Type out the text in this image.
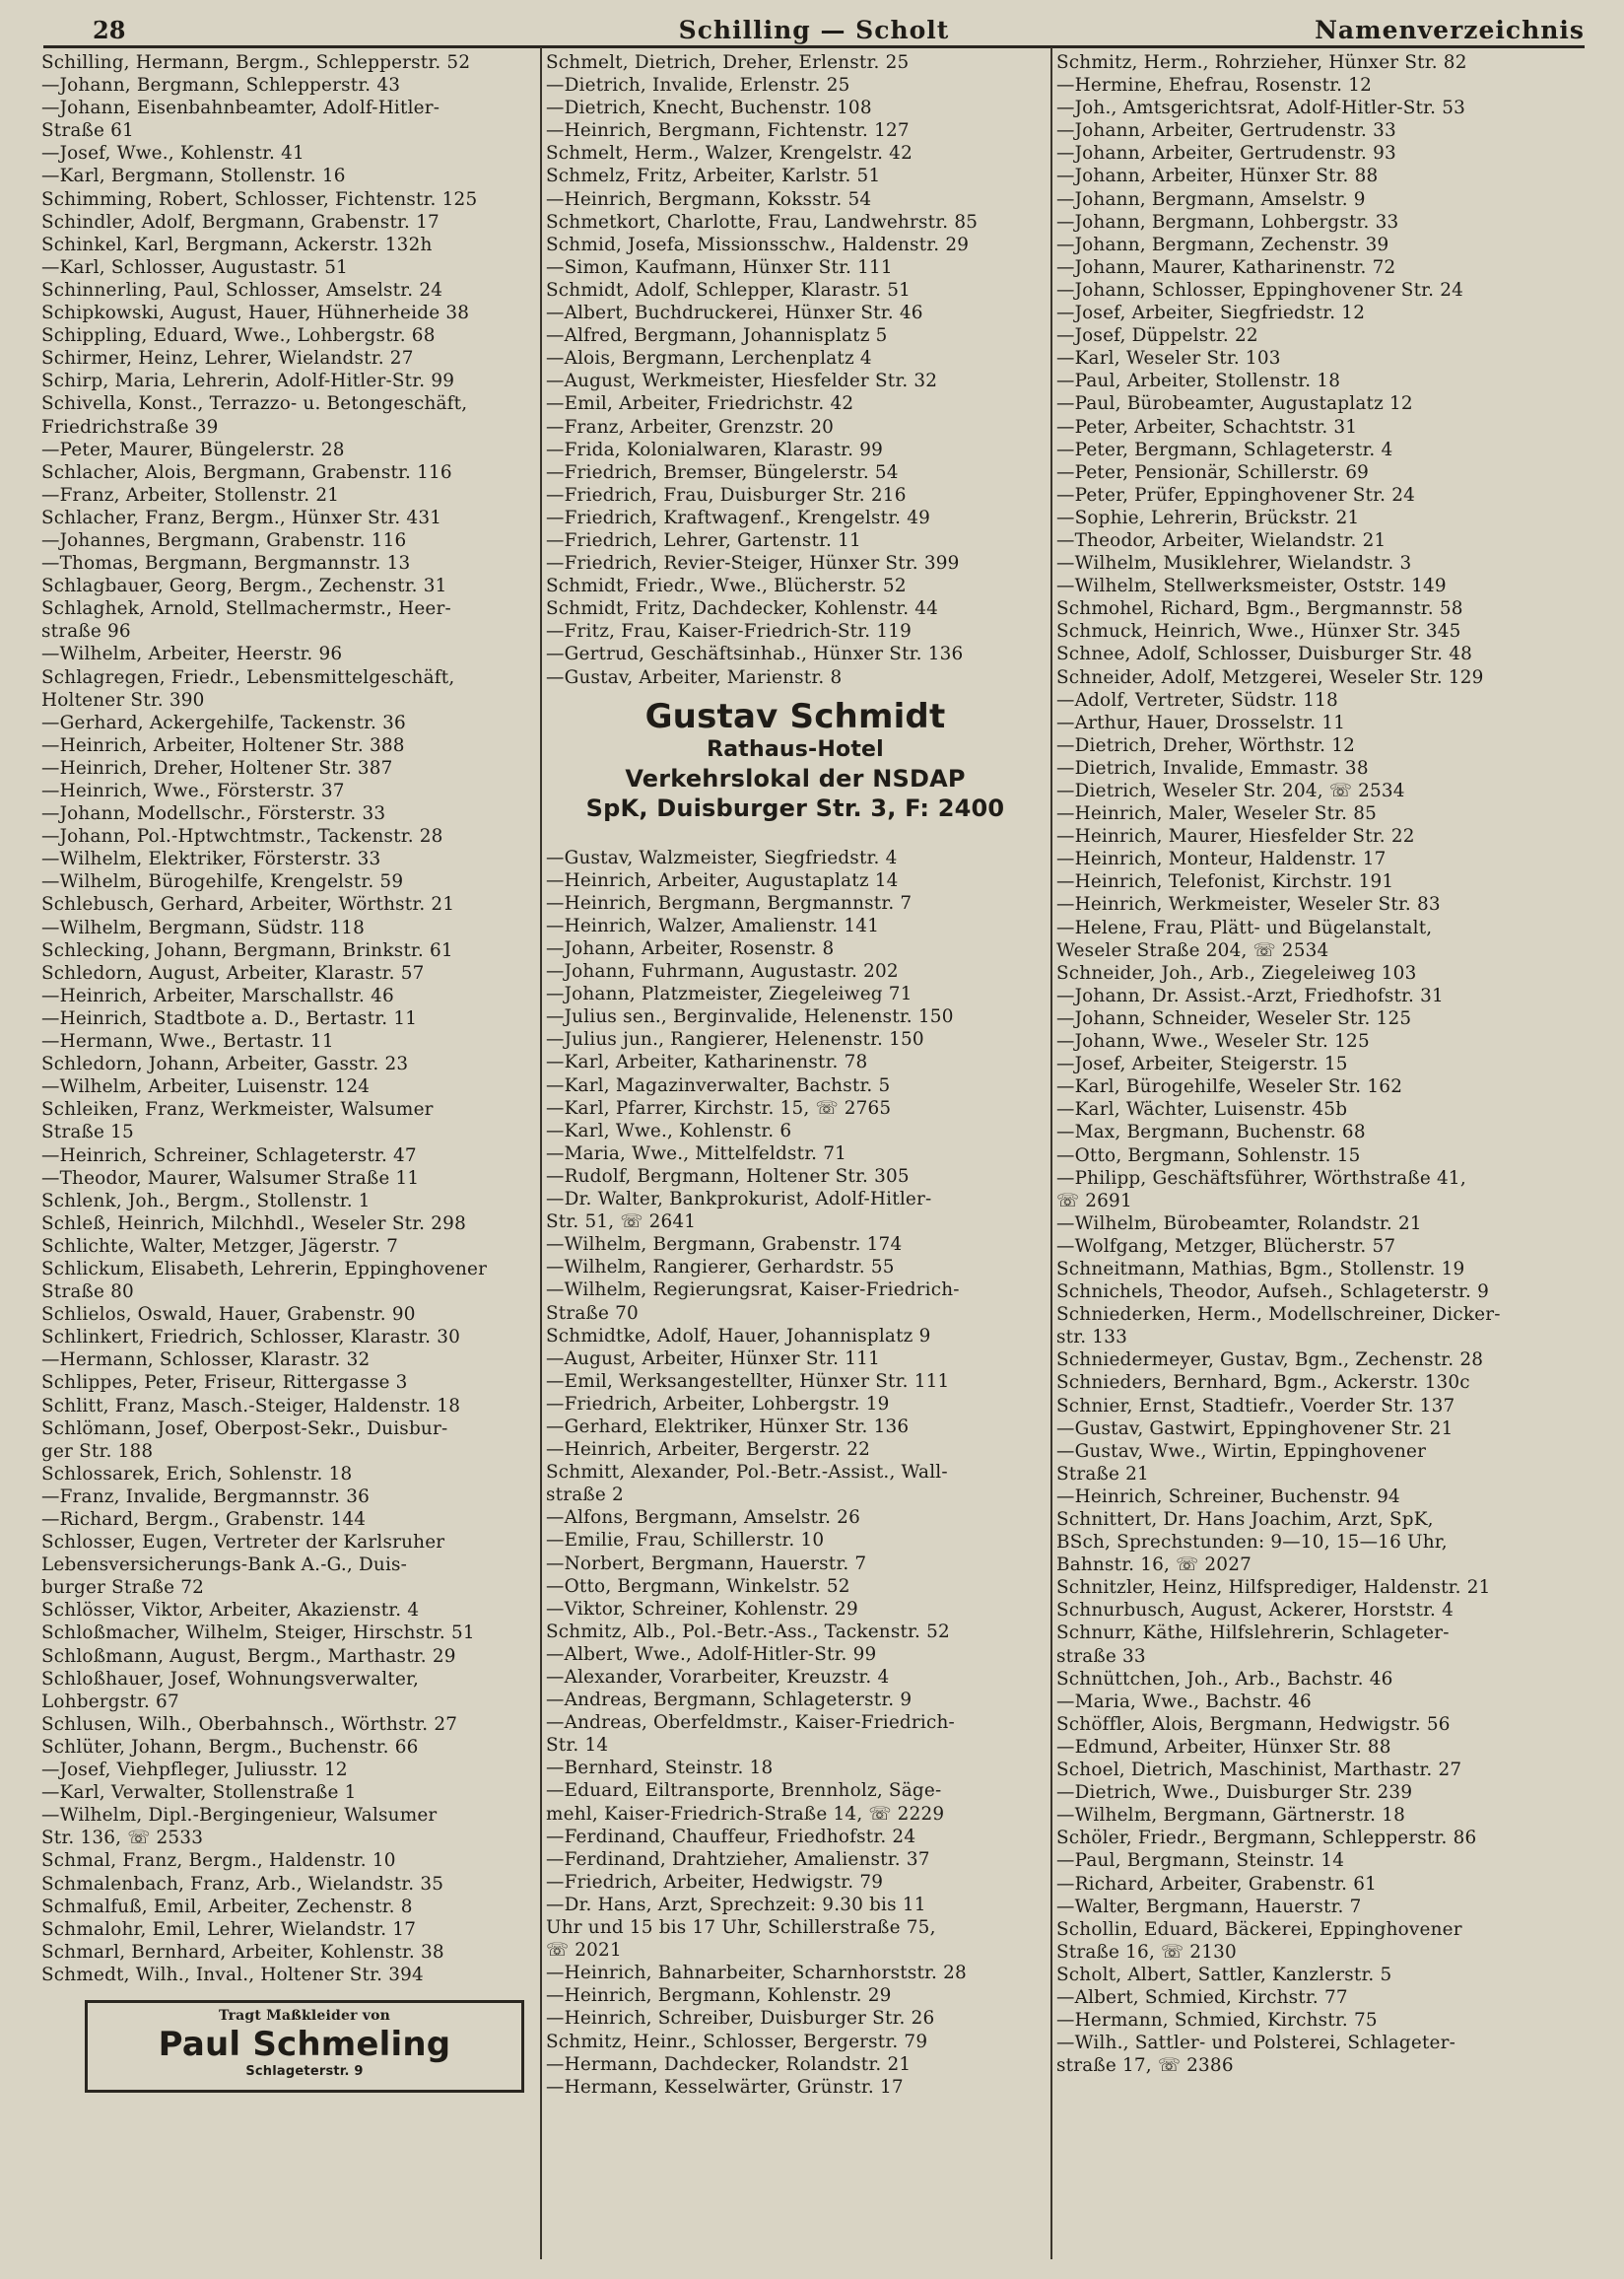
28	Schilling — Scholt	Namenverzeichnis
Schilling, Hermann, Bergm., Schlepperstr. 52
—Johann, Bergmann, Schlepperstr. 43
—Johann, Eisenbahnbeamter, Adolf-Hitler-
Straße 61
—Josef, Wwe., Kohlenstr. 41
—Karl, Bergmann, Stollenstr. 16
Schimming, Robert, Schlosser, Fichtenstr. 125
Schindler, Adolf, Bergmann, Grabenstr. 17
Schinkel, Karl, Bergmann, Ackerstr. 132h
—Karl, Schlosser, Augustastr. 51
Schinnerling, Paul, Schlosser, Amselstr. 24
Schipkowski, August, Hauer, Hühnerheide 38
Schippling, Eduard, Wwe., Lohbergstr. 68
Schirmer, Heinz, Lehrer, Wielandstr. 27
Schirp, Maria, Lehrerin, Adolf-Hitler-Str. 99
Schivella, Konst., Terrazzo- u. Betongeschäft,
Friedrichstraße 39
—Peter, Maurer, Büngelerstr. 28
Schlacher, Alois, Bergmann, Grabenstr. 116
—Franz, Arbeiter, Stollenstr. 21
Schlacher, Franz, Bergm., Hünxer Str. 431
—Johannes, Bergmann, Grabenstr. 116
—Thomas, Bergmann, Bergmannstr. 13
Schlagbauer, Georg, Bergm., Zechenstr. 31
Schlaghek, Arnold, Stellmachermstr., Heer-
straße 96
—Wilhelm, Arbeiter, Heerstr. 96
Schlagregen, Friedr., Lebensmittelgeschäft,
Holtener Str. 390
—Gerhard, Ackergehilfe, Tackenstr. 36
—Heinrich, Arbeiter, Holtener Str. 388
—Heinrich, Dreher, Holtener Str. 387
—Heinrich, Wwe., Försterstr. 37
—Johann, Modellschr., Försterstr. 33
—Johann, Pol.-Hptwchtmstr., Tackenstr. 28
—Wilhelm, Elektriker, Försterstr. 33
—Wilhelm, Bürogehilfe, Krengelstr. 59
Schlebusch, Gerhard, Arbeiter, Wörthstr. 21
—Wilhelm, Bergmann, Südstr. 118
Schlecking, Johann, Bergmann, Brinkstr. 61
Schledorn, August, Arbeiter, Klarastr. 57
—Heinrich, Arbeiter, Marschallstr. 46
—Heinrich, Stadtbote a. D., Bertastr. 11
—Hermann, Wwe., Bertastr. 11
Schledorn, Johann, Arbeiter, Gasstr. 23
—Wilhelm, Arbeiter, Luisenstr. 124
Schleiken, Franz, Werkmeister, Walsumer
Straße 15
—Heinrich, Schreiner, Schlageterstr. 47
—Theodor, Maurer, Walsumer Straße 11
Schlenk, Joh., Bergm., Stollenstr. 1
Schleß, Heinrich, Milchhdl., Weseler Str. 298
Schlichte, Walter, Metzger, Jägerstr. 7
Schlickum, Elisabeth, Lehrerin, Eppinghovener
Straße 80
Schlielos, Oswald, Hauer, Grabenstr. 90
Schlinkert, Friedrich, Schlosser, Klarastr. 30
—Hermann, Schlosser, Klarastr. 32
Schlippes, Peter, Friseur, Rittergasse 3
Schlitt, Franz, Masch.-Steiger, Haldenstr. 18
Schlömann, Josef, Oberpost-Sekr., Duisbur-
ger Str. 188
Schlossarek, Erich, Sohlenstr. 18
—Franz, Invalide, Bergmannstr. 36
—Richard, Bergm., Grabenstr. 144
Schlosser, Eugen, Vertreter der Karlsruher
Lebensversicherungs-Bank A.-G., Duis-
burger Straße 72
Schlösser, Viktor, Arbeiter, Akazienstr. 4
Schloßmacher, Wilhelm, Steiger, Hirschstr. 51
Schloßmann, August, Bergm., Marthastr. 29
Schloßhauer, Josef, Wohnungsverwalter,
Lohbergstr. 67
Schlusen, Wilh., Oberbahnsch., Wörthstr. 27
Schlüter, Johann, Bergm., Buchenstr. 66
—Josef, Viehpfleger, Juliusstr. 12
—Karl, Verwalter, Stollenstraße 1
—Wilhelm, Dipl.-Bergingenieur, Walsumer
Str. 136, ☏ 2533
Schmal, Franz, Bergm., Haldenstr. 10
Schmalenbach, Franz, Arb., Wielandstr. 35
Schmalfuß, Emil, Arbeiter, Zechenstr. 8
Schmalohr, Emil, Lehrer, Wielandstr. 17
Schmarl, Bernhard, Arbeiter, Kohlenstr. 38
Schmedt, Wilh., Inval., Holtener Str. 394
Tragt Maßkleider von
Paul Schmeling
Schlageterstr. 9
Schmelt, Dietrich, Dreher, Erlenstr. 25
—Dietrich, Invalide, Erlenstr. 25
—Dietrich, Knecht, Buchenstr. 108
—Heinrich, Bergmann, Fichtenstr. 127
Schmelt, Herm., Walzer, Krengelstr. 42
Schmelz, Fritz, Arbeiter, Karlstr. 51
—Heinrich, Bergmann, Koksstr. 54
Schmetkort, Charlotte, Frau, Landwehrstr. 85
Schmid, Josefa, Missionsschw., Haldenstr. 29
—Simon, Kaufmann, Hünxer Str. 111
Schmidt, Adolf, Schlepper, Klarastr. 51
—Albert, Buchdruckerei, Hünxer Str. 46
—Alfred, Bergmann, Johannisplatz 5
—Alois, Bergmann, Lerchenplatz 4
—August, Werkmeister, Hiesfelder Str. 32
—Emil, Arbeiter, Friedrichstr. 42
—Franz, Arbeiter, Grenzstr. 20
—Frida, Kolonialwaren, Klarastr. 99
—Friedrich, Bremser, Büngelerstr. 54
—Friedrich, Frau, Duisburger Str. 216
—Friedrich, Kraftwagenf., Krengelstr. 49
—Friedrich, Lehrer, Gartenstr. 11
—Friedrich, Revier-Steiger, Hünxer Str. 399
Schmidt, Friedr., Wwe., Blücherstr. 52
Schmidt, Fritz, Dachdecker, Kohlenstr. 44
—Fritz, Frau, Kaiser-Friedrich-Str. 119
—Gertrud, Geschäftsinhab., Hünxer Str. 136
—Gustav, Arbeiter, Marienstr. 8
Gustav Schmidt
Rathaus-Hotel
Verkehrslokal der NSDAP
SpK, Duisburger Str. 3, F: 2400
—Gustav, Walzmeister, Siegfriedstr. 4
—Heinrich, Arbeiter, Augustaplatz 14
—Heinrich, Bergmann, Bergmannstr. 7
—Heinrich, Walzer, Amalienstr. 141
—Johann, Arbeiter, Rosenstr. 8
—Johann, Fuhrmann, Augustastr. 202
—Johann, Platzmeister, Ziegeleiweg 71
—Julius sen., Berginvalide, Helenenstr. 150
—Julius jun., Rangierer, Helenenstr. 150
—Karl, Arbeiter, Katharinenstr. 78
—Karl, Magazinverwalter, Bachstr. 5
—Karl, Pfarrer, Kirchstr. 15, ☏ 2765
—Karl, Wwe., Kohlenstr. 6
—Maria, Wwe., Mittelfeldstr. 71
—Rudolf, Bergmann, Holtener Str. 305
—Dr. Walter, Bankprokurist, Adolf-Hitler-
Str. 51, ☏ 2641
—Wilhelm, Bergmann, Grabenstr. 174
—Wilhelm, Rangierer, Gerhardstr. 55
—Wilhelm, Regierungsrat, Kaiser-Friedrich-
Straße 70
Schmidtke, Adolf, Hauer, Johannisplatz 9
—August, Arbeiter, Hünxer Str. 111
—Emil, Werksangestellter, Hünxer Str. 111
—Friedrich, Arbeiter, Lohbergstr. 19
—Gerhard, Elektriker, Hünxer Str. 136
—Heinrich, Arbeiter, Bergerstr. 22
Schmitt, Alexander, Pol.-Betr.-Assist., Wall-
straße 2
—Alfons, Bergmann, Amselstr. 26
—Emilie, Frau, Schillerstr. 10
—Norbert, Bergmann, Hauerstr. 7
—Otto, Bergmann, Winkelstr. 52
—Viktor, Schreiner, Kohlenstr. 29
Schmitz, Alb., Pol.-Betr.-Ass., Tackenstr. 52
—Albert, Wwe., Adolf-Hitler-Str. 99
—Alexander, Vorarbeiter, Kreuzstr. 4
—Andreas, Bergmann, Schlageterstr. 9
—Andreas, Oberfeldmstr., Kaiser-Friedrich-
Str. 14
—Bernhard, Steinstr. 18
—Eduard, Eiltransporte, Brennholz, Säge-
mehl, Kaiser-Friedrich-Straße 14, ☏ 2229
—Ferdinand, Chauffeur, Friedhofstr. 24
—Ferdinand, Drahtzieher, Amalienstr. 37
—Friedrich, Arbeiter, Hedwigstr. 79
—Dr. Hans, Arzt, Sprechzeit: 9.30 bis 11
Uhr und 15 bis 17 Uhr, Schillerstraße 75,
☏ 2021
—Heinrich, Bahnarbeiter, Scharnhorststr. 28
—Heinrich, Bergmann, Kohlenstr. 29
—Heinrich, Schreiber, Duisburger Str. 26
Schmitz, Heinr., Schlosser, Bergerstr. 79
—Hermann, Dachdecker, Rolandstr. 21
—Hermann, Kesselwärter, Grünstr. 17
Schmitz, Herm., Rohrzieher, Hünxer Str. 82
—Hermine, Ehefrau, Rosenstr. 12
—Joh., Amtsgerichtsrat, Adolf-Hitler-Str. 53
—Johann, Arbeiter, Gertrudenstr. 33
—Johann, Arbeiter, Gertrudenstr. 93
—Johann, Arbeiter, Hünxer Str. 88
—Johann, Bergmann, Amselstr. 9
—Johann, Bergmann, Lohbergstr. 33
—Johann, Bergmann, Zechenstr. 39
—Johann, Maurer, Katharinenstr. 72
—Johann, Schlosser, Eppinghovener Str. 24
—Josef, Arbeiter, Siegfriedstr. 12
—Josef, Düppelstr. 22
—Karl, Weseler Str. 103
—Paul, Arbeiter, Stollenstr. 18
—Paul, Bürobeamter, Augustaplatz 12
—Peter, Arbeiter, Schachtstr. 31
—Peter, Bergmann, Schlageterstr. 4
—Peter, Pensionär, Schillerstr. 69
—Peter, Prüfer, Eppinghovener Str. 24
—Sophie, Lehrerin, Brückstr. 21
—Theodor, Arbeiter, Wielandstr. 21
—Wilhelm, Musiklehrer, Wielandstr. 3
—Wilhelm, Stellwerksmeister, Oststr. 149
Schmohel, Richard, Bgm., Bergmannstr. 58
Schmuck, Heinrich, Wwe., Hünxer Str. 345
Schnee, Adolf, Schlosser, Duisburger Str. 48
Schneider, Adolf, Metzgerei, Weseler Str. 129
—Adolf, Vertreter, Südstr. 118
—Arthur, Hauer, Drosselstr. 11
—Dietrich, Dreher, Wörthstr. 12
—Dietrich, Invalide, Emmastr. 38
—Dietrich, Weseler Str. 204, ☏ 2534
—Heinrich, Maler, Weseler Str. 85
—Heinrich, Maurer, Hiesfelder Str. 22
—Heinrich, Monteur, Haldenstr. 17
—Heinrich, Telefonist, Kirchstr. 191
—Heinrich, Werkmeister, Weseler Str. 83
—Helene, Frau, Plätt- und Bügelanstalt,
Weseler Straße 204, ☏ 2534
Schneider, Joh., Arb., Ziegeleiweg 103
—Johann, Dr. Assist.-Arzt, Friedhofstr. 31
—Johann, Schneider, Weseler Str. 125
—Johann, Wwe., Weseler Str. 125
—Josef, Arbeiter, Steigerstr. 15
—Karl, Bürogehilfe, Weseler Str. 162
—Karl, Wächter, Luisenstr. 45b
—Max, Bergmann, Buchenstr. 68
—Otto, Bergmann, Sohlenstr. 15
—Philipp, Geschäftsführer, Wörthstraße 41,
☏ 2691
—Wilhelm, Bürobeamter, Rolandstr. 21
—Wolfgang, Metzger, Blücherstr. 57
Schneitmann, Mathias, Bgm., Stollenstr. 19
Schnichels, Theodor, Aufseh., Schlageterstr. 9
Schniederken, Herm., Modellschreiner, Dicker-
str. 133
Schniedermeyer, Gustav, Bgm., Zechenstr. 28
Schnieders, Bernhard, Bgm., Ackerstr. 130c
Schnier, Ernst, Stadtiefr., Voerder Str. 137
—Gustav, Gastwirt, Eppinghovener Str. 21
—Gustav, Wwe., Wirtin, Eppinghovener
Straße 21
—Heinrich, Schreiner, Buchenstr. 94
Schnittert, Dr. Hans Joachim, Arzt, SpK,
BSch, Sprechstunden: 9—10, 15—16 Uhr,
Bahnstr. 16, ☏ 2027
Schnitzler, Heinz, Hilfsprediger, Haldenstr. 21
Schnurbusch, August, Ackerer, Horststr. 4
Schnurr, Käthe, Hilfslehrerin, Schlageter-
straße 33
Schnüttchen, Joh., Arb., Bachstr. 46
—Maria, Wwe., Bachstr. 46
Schöffler, Alois, Bergmann, Hedwigstr. 56
—Edmund, Arbeiter, Hünxer Str. 88
Schoel, Dietrich, Maschinist, Marthastr. 27
—Dietrich, Wwe., Duisburger Str. 239
—Wilhelm, Bergmann, Gärtnerstr. 18
Schöler, Friedr., Bergmann, Schlepperstr. 86
—Paul, Bergmann, Steinstr. 14
—Richard, Arbeiter, Grabenstr. 61
—Walter, Bergmann, Hauerstr. 7
Schollin, Eduard, Bäckerei, Eppinghovener
Straße 16, ☏ 2130
Scholt, Albert, Sattler, Kanzlerstr. 5
—Albert, Schmied, Kirchstr. 77
—Hermann, Schmied, Kirchstr. 75
—Wilh., Sattler- und Polsterei, Schlageter-
straße 17, ☏ 2386
